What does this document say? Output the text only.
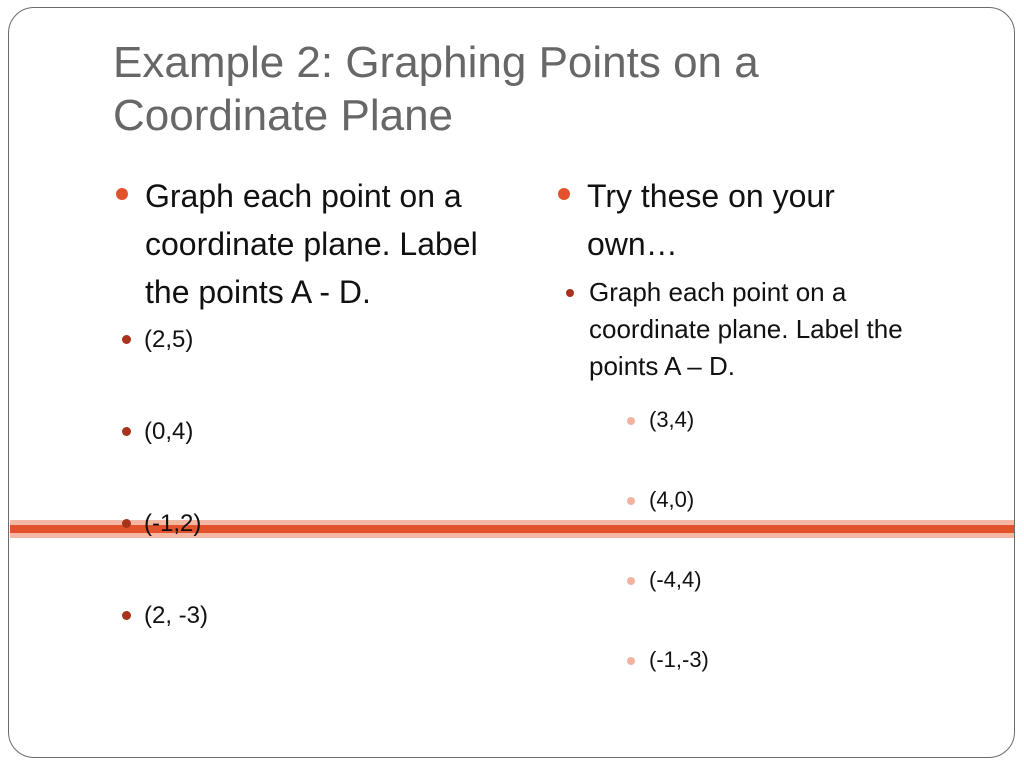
Example 2: Graphing Points on a Coordinate Plane
Graph each point on a coordinate plane. Label the points A - D.
(2,5)
(0,4)
(-1,2)
(2, -3)
Try these on your own…
Graph each point on a coordinate plane. Label the points A – D.
(3,4)
(4,0)
(-4,4)
(-1,-3)
